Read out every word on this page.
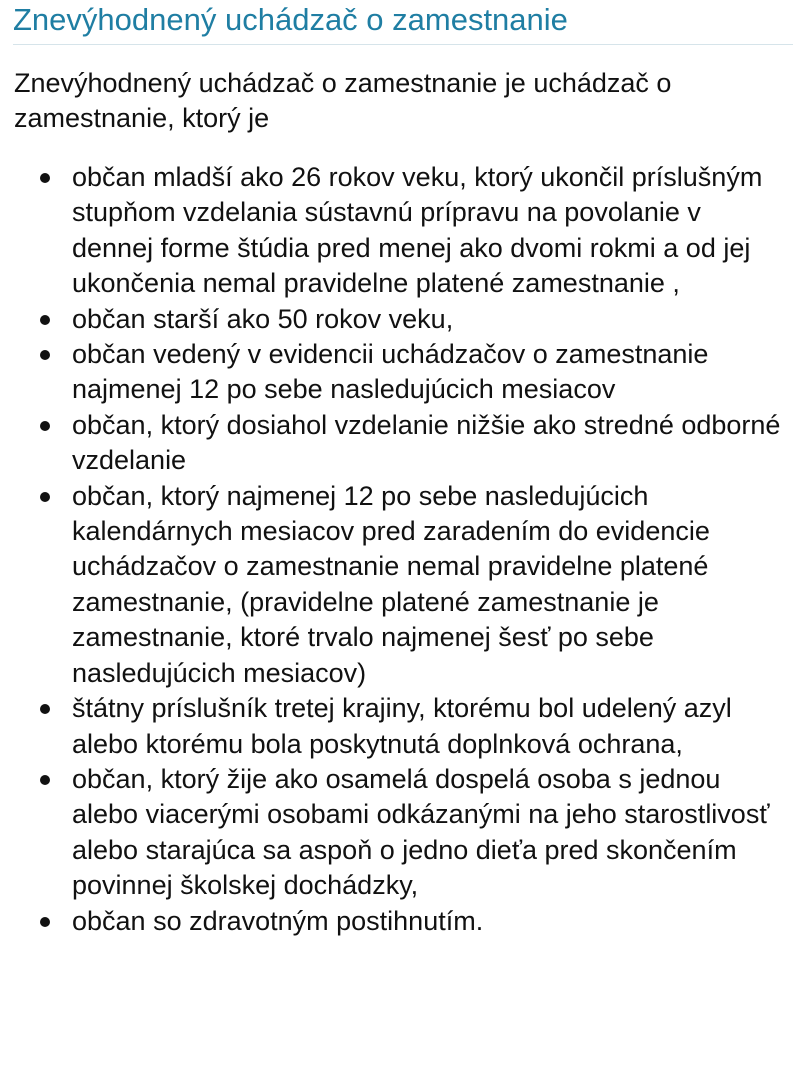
Znevýhodnený uchádzač o zamestnanie

Znevýhodnený uchádzač o zamestnanie je uchádzač o zamestnanie, ktorý je

občan mladší ako 26 rokov veku, ktorý ukončil príslušným stupňom vzdelania sústavnú prípravu na povolanie v dennej forme štúdia pred menej ako dvomi rokmi a od jej ukončenia nemal pravidelne platené zamestnanie ,
občan starší ako 50 rokov veku,
občan vedený v evidencii uchádzačov o zamestnanie najmenej 12 po sebe nasledujúcich mesiacov
občan, ktorý dosiahol vzdelanie nižšie ako stredné odborné vzdelanie
občan, ktorý najmenej 12 po sebe nasledujúcich kalendárnych mesiacov pred zaradením do evidencie uchádzačov o zamestnanie nemal pravidelne platené zamestnanie, (pravidelne platené zamestnanie je zamestnanie, ktoré trvalo najmenej šesť po sebe nasledujúcich mesiacov)
štátny príslušník tretej krajiny, ktorému bol udelený azyl alebo ktorému bola poskytnutá doplnková ochrana,
občan, ktorý žije ako osamelá dospelá osoba s jednou alebo viacerými osobami odkázanými na jeho starostlivosť alebo starajúca sa aspoň o jedno dieťa pred skončením povinnej školskej dochádzky,
občan so zdravotným postihnutím.
